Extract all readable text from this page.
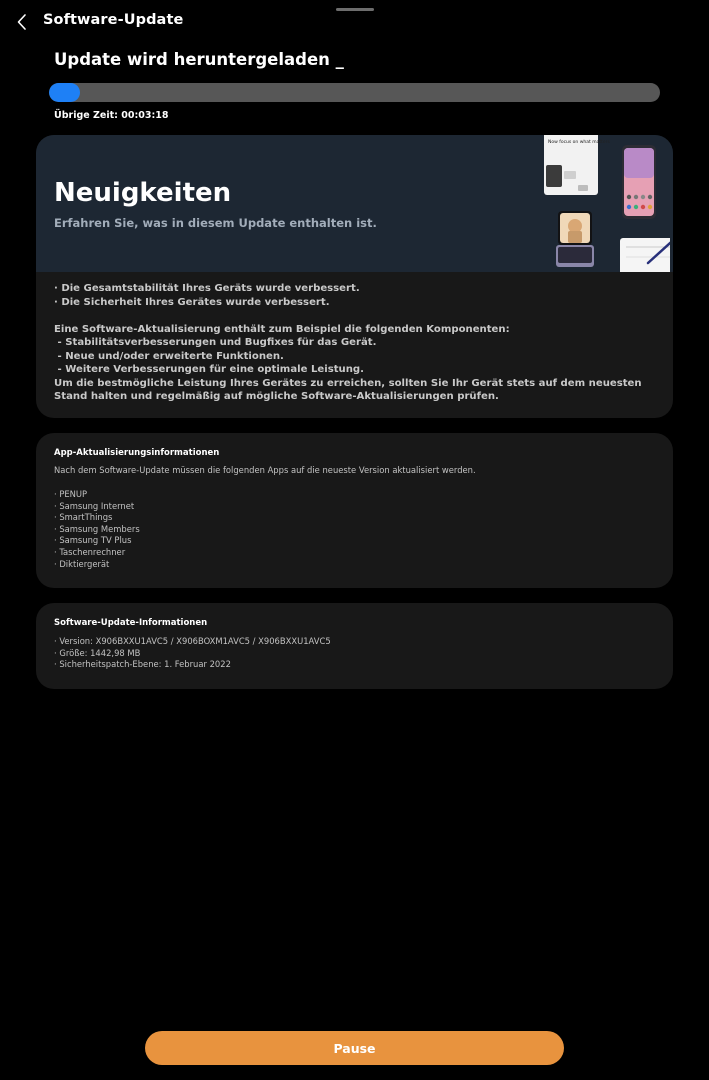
Software-Update
Update wird heruntergeladen _
Übrige Zeit: 00:03:18
Neuigkeiten
Erfahren Sie, was in diesem Update enthalten ist.
Now focus on what matters

· Die Gesamtstabilität Ihres Geräts wurde verbessert.

· Die Sicherheit Ihres Gerätes wurde verbessert.

Eine Software-Aktualisierung enthält zum Beispiel die folgenden Komponenten:

- Stabilitätsverbesserungen und Bugfixes für das Gerät.

- Neue und/oder erweiterte Funktionen.

- Weitere Verbesserungen für eine optimale Leistung.

Um die bestmögliche Leistung Ihres Gerätes zu erreichen, sollten Sie Ihr Gerät stets auf dem neuesten Stand halten und regelmäßig auf mögliche Software-Aktualisierungen prüfen.

App-Aktualisierungsinformationen
Nach dem Software-Update müssen die folgenden Apps auf die neueste Version aktualisiert werden.
· PENUP
· Samsung Internet
· SmartThings
· Samsung Members
· Samsung TV Plus
· Taschenrechner
· Diktiergerät
Software-Update-Informationen
· Version: X906BXXU1AVC5 / X906BOXM1AVC5 / X906BXXU1AVC5
· Größe: 1442,98 MB
· Sicherheitspatch-Ebene: 1. Februar 2022
Pause
